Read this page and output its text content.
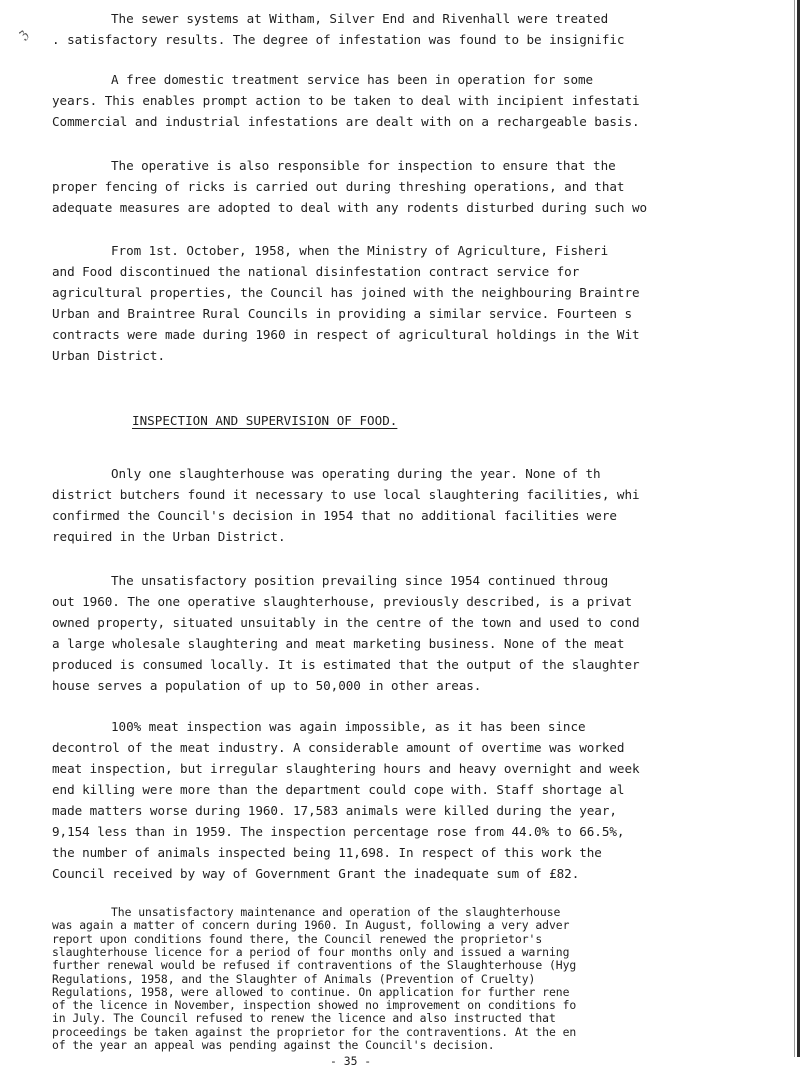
ℨ
The sewer systems at Witham, Silver End and Rivenhall were treated
. satisfactory results. The degree of infestation was found to be insignific
A free domestic treatment service has been in operation for some
years. This enables prompt action to be taken to deal with incipient infestati
Commercial and industrial infestations are dealt with on a rechargeable basis.
The operative is also responsible for inspection to ensure that the
proper fencing of ricks is carried out during threshing operations, and that
adequate measures are adopted to deal with any rodents disturbed during such wo
From 1st. October, 1958, when the Ministry of Agriculture, Fisheri
and Food discontinued the national disinfestation contract service for
agricultural properties, the Council has joined with the neighbouring Braintre
Urban and Braintree Rural Councils in providing a similar service. Fourteen s
contracts were made during 1960 in respect of agricultural holdings in the Wit
Urban District.
INSPECTION AND SUPERVISION OF FOOD.
Only one slaughterhouse was operating during the year. None of th
district butchers found it necessary to use local slaughtering facilities, whi
confirmed the Council's decision in 1954 that no additional facilities were
required in the Urban District.
The unsatisfactory position prevailing since 1954 continued throug
out 1960. The one operative slaughterhouse, previously described, is a privat
owned property, situated unsuitably in the centre of the town and used to cond
a large wholesale slaughtering and meat marketing business. None of the meat
produced is consumed locally. It is estimated that the output of the slaughter
house serves a population of up to 50,000 in other areas.
100% meat inspection was again impossible, as it has been since
decontrol of the meat industry. A considerable amount of overtime was worked
meat inspection, but irregular slaughtering hours and heavy overnight and week
end killing were more than the department could cope with. Staff shortage al
made matters worse during 1960. 17,583 animals were killed during the year,
9,154 less than in 1959. The inspection percentage rose from 44.0% to 66.5%,
the number of animals inspected being 11,698. In respect of this work the
Council received by way of Government Grant the inadequate sum of £82.
The unsatisfactory maintenance and operation of the slaughterhouse
was again a matter of concern during 1960. In August, following a very adver
report upon conditions found there, the Council renewed the proprietor's
slaughterhouse licence for a period of four months only and issued a warning
further renewal would be refused if contraventions of the Slaughterhouse (Hyg
Regulations, 1958, and the Slaughter of Animals (Prevention of Cruelty)
Regulations, 1958, were allowed to continue. On application for further rene
of the licence in November, inspection showed no improvement on conditions fo
in July. The Council refused to renew the licence and also instructed that
proceedings be taken against the proprietor for the contraventions. At the en
of the year an appeal was pending against the Council's decision.
- 35 -
